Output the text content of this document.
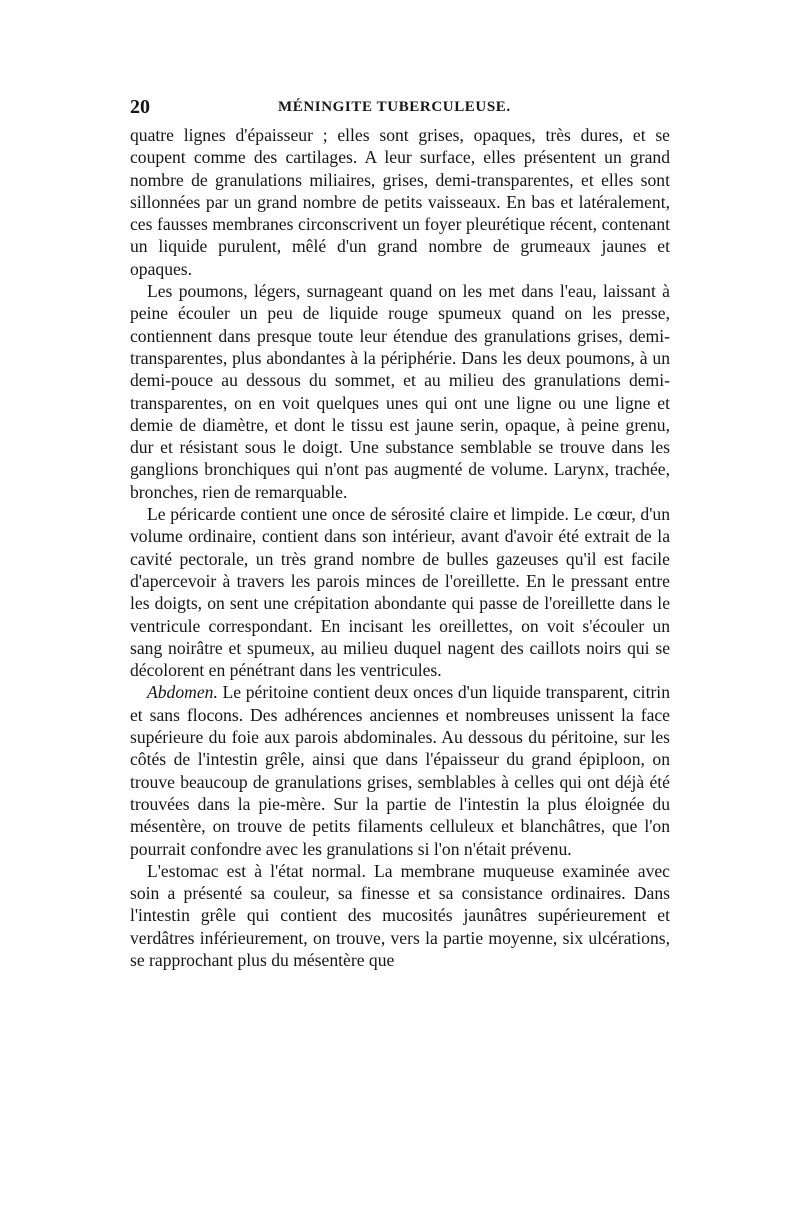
20	MÉNINGITE TUBERCULEUSE.

quatre lignes d'épaisseur ; elles sont grises, opaques, très dures, et se coupent comme des cartilages. A leur surface, elles présentent un grand nombre de granulations miliaires, grises, demi-transparentes, et elles sont sillonnées par un grand nombre de petits vaisseaux. En bas et latéralement, ces fausses membranes circonscrivent un foyer pleurétique récent, contenant un liquide purulent, mêlé d'un grand nombre de grumeaux jaunes et opaques.

Les poumons, légers, surnageant quand on les met dans l'eau, laissant à peine écouler un peu de liquide rouge spumeux quand on les presse, contiennent dans presque toute leur étendue des granulations grises, demi-transparentes, plus abondantes à la périphérie. Dans les deux poumons, à un demi-pouce au dessous du sommet, et au milieu des granulations demi-transparentes, on en voit quelques unes qui ont une ligne ou une ligne et demie de diamètre, et dont le tissu est jaune serin, opaque, à peine grenu, dur et résistant sous le doigt. Une substance semblable se trouve dans les ganglions bronchiques qui n'ont pas augmenté de volume. Larynx, trachée, bronches, rien de remarquable.

Le péricarde contient une once de sérosité claire et limpide. Le cœur, d'un volume ordinaire, contient dans son intérieur, avant d'avoir été extrait de la cavité pectorale, un très grand nombre de bulles gazeuses qu'il est facile d'apercevoir à travers les parois minces de l'oreillette. En le pressant entre les doigts, on sent une crépitation abondante qui passe de l'oreillette dans le ventricule correspondant. En incisant les oreillettes, on voit s'écouler un sang noirâtre et spumeux, au milieu duquel nagent des caillots noirs qui se décolorent en pénétrant dans les ventricules.

Abdomen. Le péritoine contient deux onces d'un liquide transparent, citrin et sans flocons. Des adhérences anciennes et nombreuses unissent la face supérieure du foie aux parois abdominales. Au dessous du péritoine, sur les côtés de l'intestin grêle, ainsi que dans l'épaisseur du grand épiploon, on trouve beaucoup de granulations grises, semblables à celles qui ont déjà été trouvées dans la pie-mère. Sur la partie de l'intestin la plus éloignée du mésentère, on trouve de petits filaments celluleux et blanchâtres, que l'on pourrait confondre avec les granulations si l'on n'était prévenu.

L'estomac est à l'état normal. La membrane muqueuse examinée avec soin a présenté sa couleur, sa finesse et sa consistance ordinaires. Dans l'intestin grêle qui contient des mucosités jaunâtres supérieurement et verdâtres inférieurement, on trouve, vers la partie moyenne, six ulcérations, se rapprochant plus du mésentère que
